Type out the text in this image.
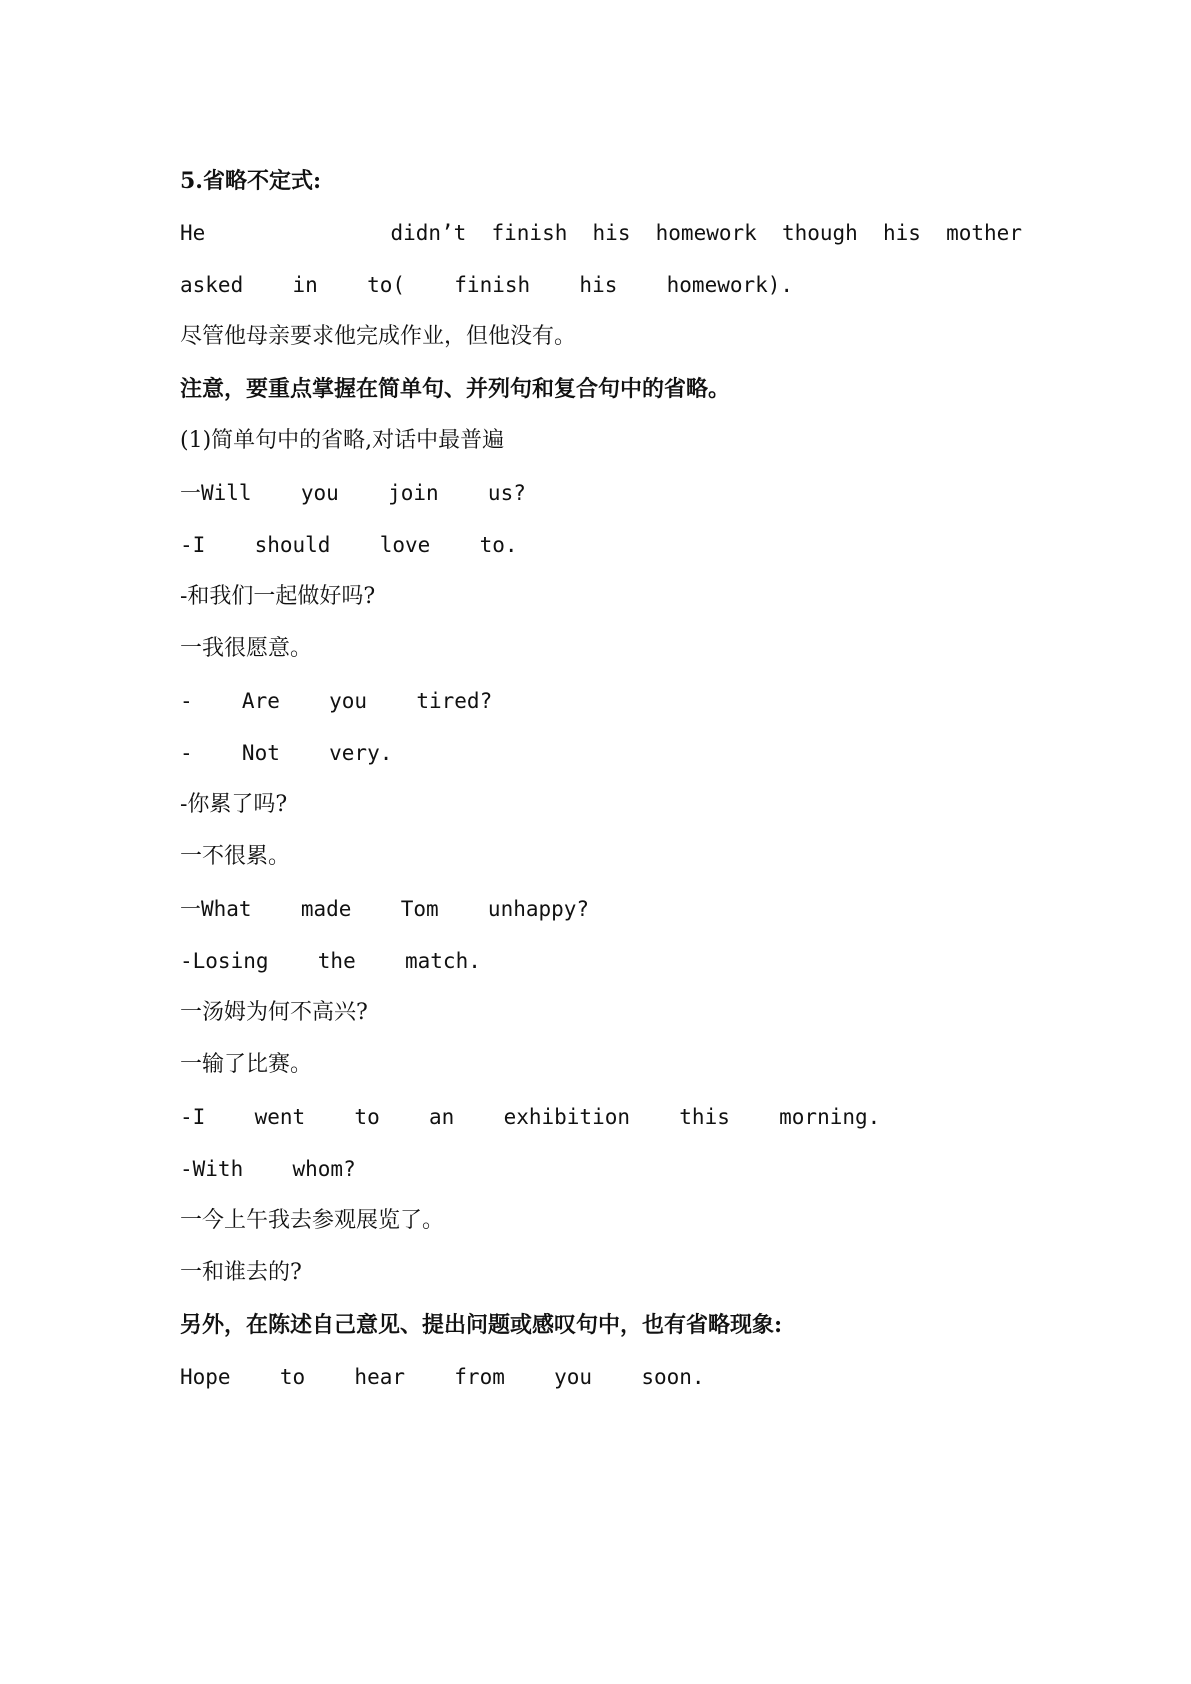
5.省略不定式:
He	didn’t finish his homework though his mother
asked  in  to(  finish  his  homework).
尽管他母亲要求他完成作业，但他没有。
注意，要重点掌握在简单句、并列句和复合句中的省略。
(1)简单句中的省略,对话中最普遍
一Will  you  join  us?
-I  should  love  to.
-和我们一起做好吗?
一我很愿意。
-  Are  you  tired?
-  Not  very.
-你累了吗?
一不很累。
一What  made  Tom  unhappy?
-Losing  the  match.
一汤姆为何不高兴?
一输了比赛。
-I  went  to  an  exhibition  this  morning.
-With  whom?
一今上午我去参观展览了。
一和谁去的?
另外，在陈述自己意见、提出问题或感叹句中，也有省略现象:
Hope  to  hear  from  you  soon.
